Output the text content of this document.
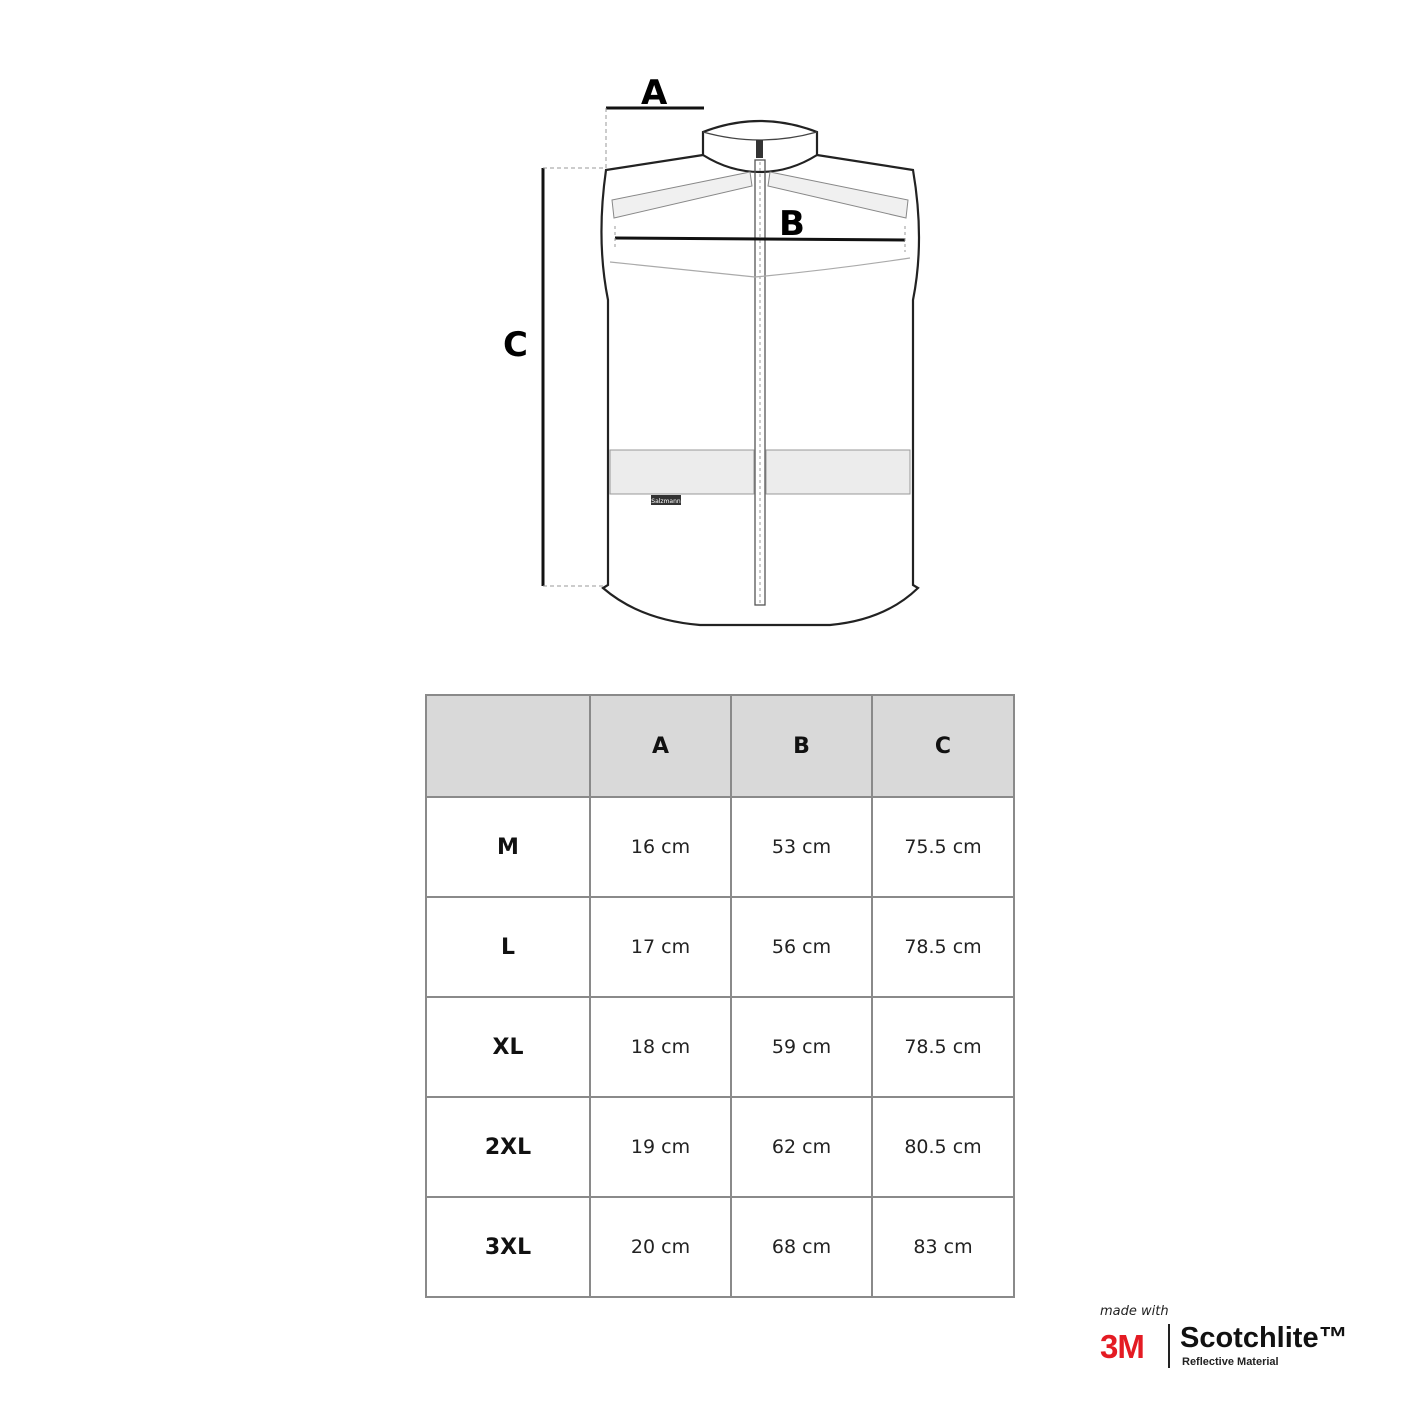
Salzmann
A
B
C
	A	B	C
M	16 cm	53 cm	75.5 cm
L	17 cm	56 cm	78.5 cm
XL	18 cm	59 cm	78.5 cm
2XL	19 cm	62 cm	80.5 cm
3XL	20 cm	68 cm	83 cm
made with
3M Scotchlite™
Reflective Material
